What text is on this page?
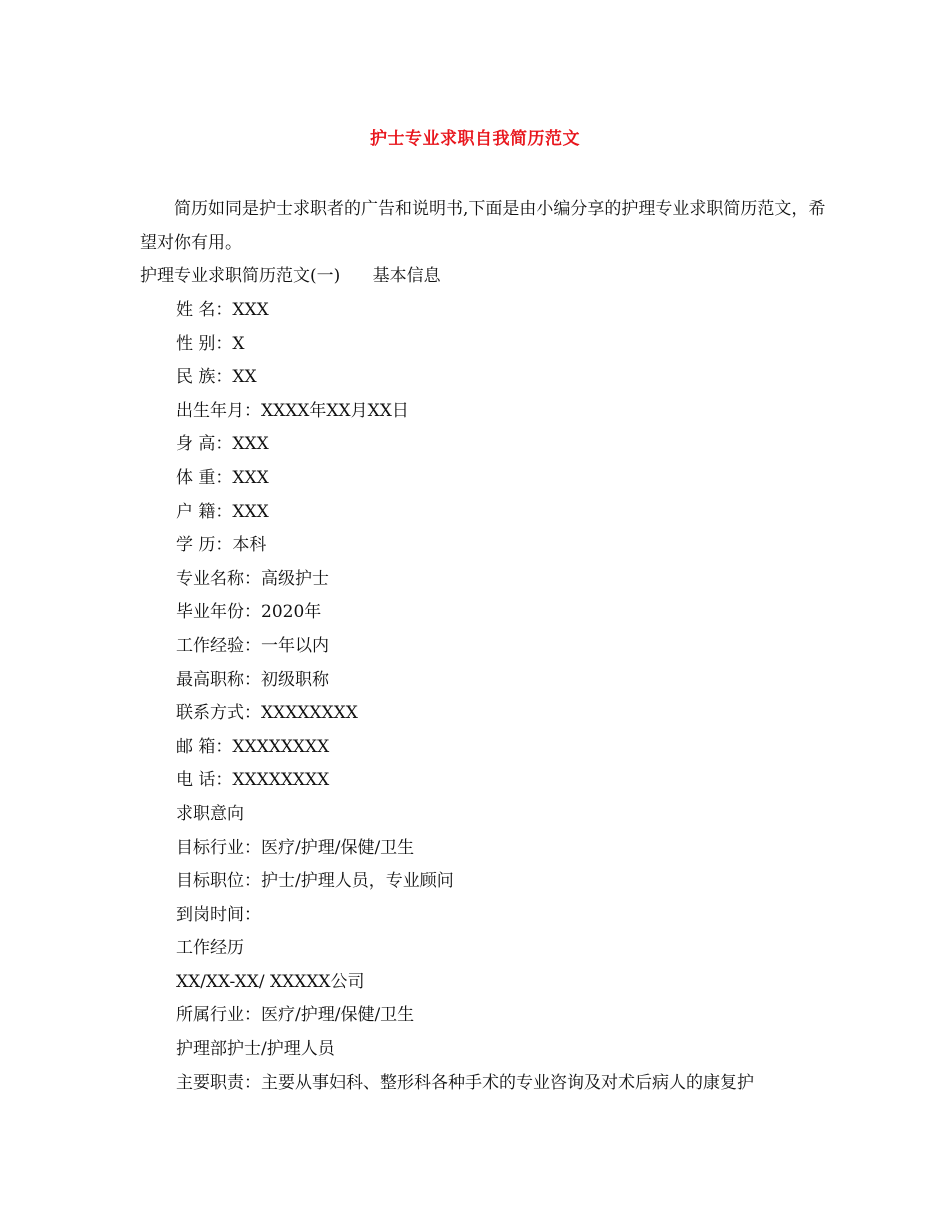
护士专业求职自我简历范文
简历如同是护士求职者的广告和说明书,下面是由小编分享的护理专业求职简历范文，希望对你有用。
护理专业求职简历范文(一)      基本信息
姓 名：XXX
性 别：X
民 族：XX
出生年月：XXXX年XX月XX日
身 高：XXX
体 重：XXX
户 籍：XXX
学 历：本科
专业名称：高级护士
毕业年份：2020年
工作经验：一年以内
最高职称：初级职称
联系方式：XXXXXXXX
邮 箱：XXXXXXXX
电 话：XXXXXXXX
求职意向
目标行业：医疗/护理/保健/卫生
目标职位：护士/护理人员，专业顾问
到岗时间：
工作经历
XX/XX-XX/ XXXXX公司
所属行业：医疗/护理/保健/卫生
护理部护士/护理人员
主要职责：主要从事妇科、整形科各种手术的专业咨询及对术后病人的康复护
